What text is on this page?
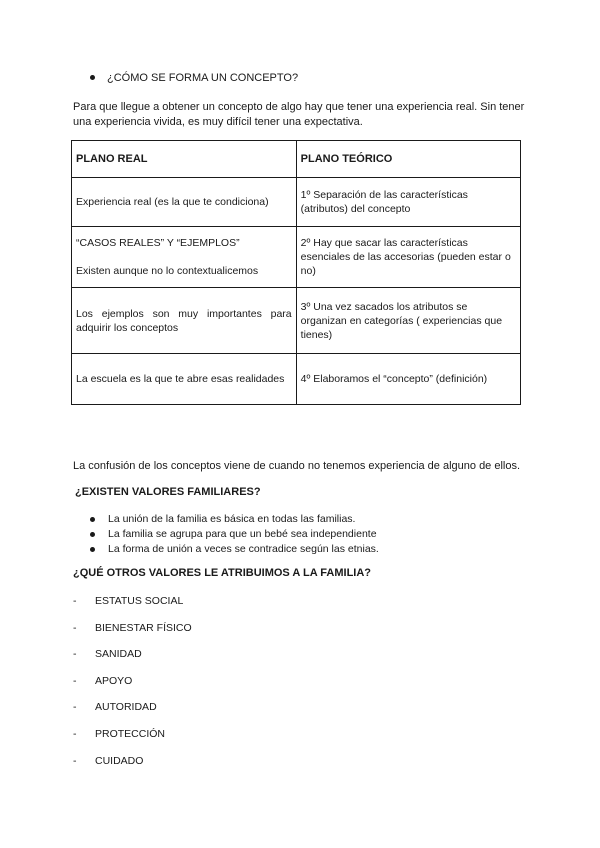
¿CÓMO SE FORMA UN CONCEPTO?
Para que llegue a obtener un concepto de algo hay que tener una experiencia real. Sin tener una experiencia vivida, es muy difícil tener una expectativa.
PLANO REAL	PLANO TEÓRICO
Experiencia real (es la que te condiciona)	1º Separación de las características (atributos) del concepto

“CASOS REALES” Y “EJEMPLOS”
Existen aunque no lo contextualicemos	2º Hay que sacar las características esenciales de las accesorias (pueden estar o no)
Los ejemplos son muy importantes para adquirir los conceptos	3º Una vez sacados los atributos se organizan en categorías ( experiencias que tienes)
La escuela es la que te abre esas realidades	4º Elaboramos el “concepto” (definición)
La confusión de los conceptos viene de cuando no tenemos experiencia de alguno de ellos.
¿EXISTEN VALORES FAMILIARES?
La unión de la familia es básica en todas las familias.
La familia se agrupa para que un bebé sea independiente
La forma de unión a veces se contradice según las etnias.
¿QUÉ OTROS VALORES LE ATRIBUIMOS A LA FAMILIA?
- ESTATUS SOCIAL
- BIENESTAR FÍSICO
- SANIDAD
- APOYO
- AUTORIDAD
- PROTECCIÓN
- CUIDADO
